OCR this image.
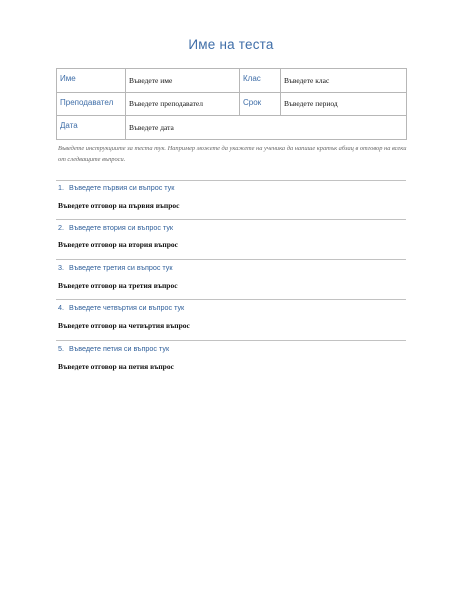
Име на теста
Име	Въведете име	Клас	Въведете клас
Преподавател	Въведете преподавател	Срок	Въведете период
Дата	Въведете дата		
Въведете инструкциите за теста тук. Например можете да укажете на ученика да напише кратък абзац в отговор на всеки от следващите въпроси.
1. Въведете първия си въпрос тук
Въведете отговор на първия въпрос
2. Въведете втория си въпрос тук
Въведете отговор на втория въпрос
3. Въведете третия си въпрос тук
Въведете отговор на третия въпрос
4. Въведете четвъртия си въпрос тук
Въведете отговор на четвъртия въпрос
5. Въведете петия си въпрос тук
Въведете отговор на петия въпрос
